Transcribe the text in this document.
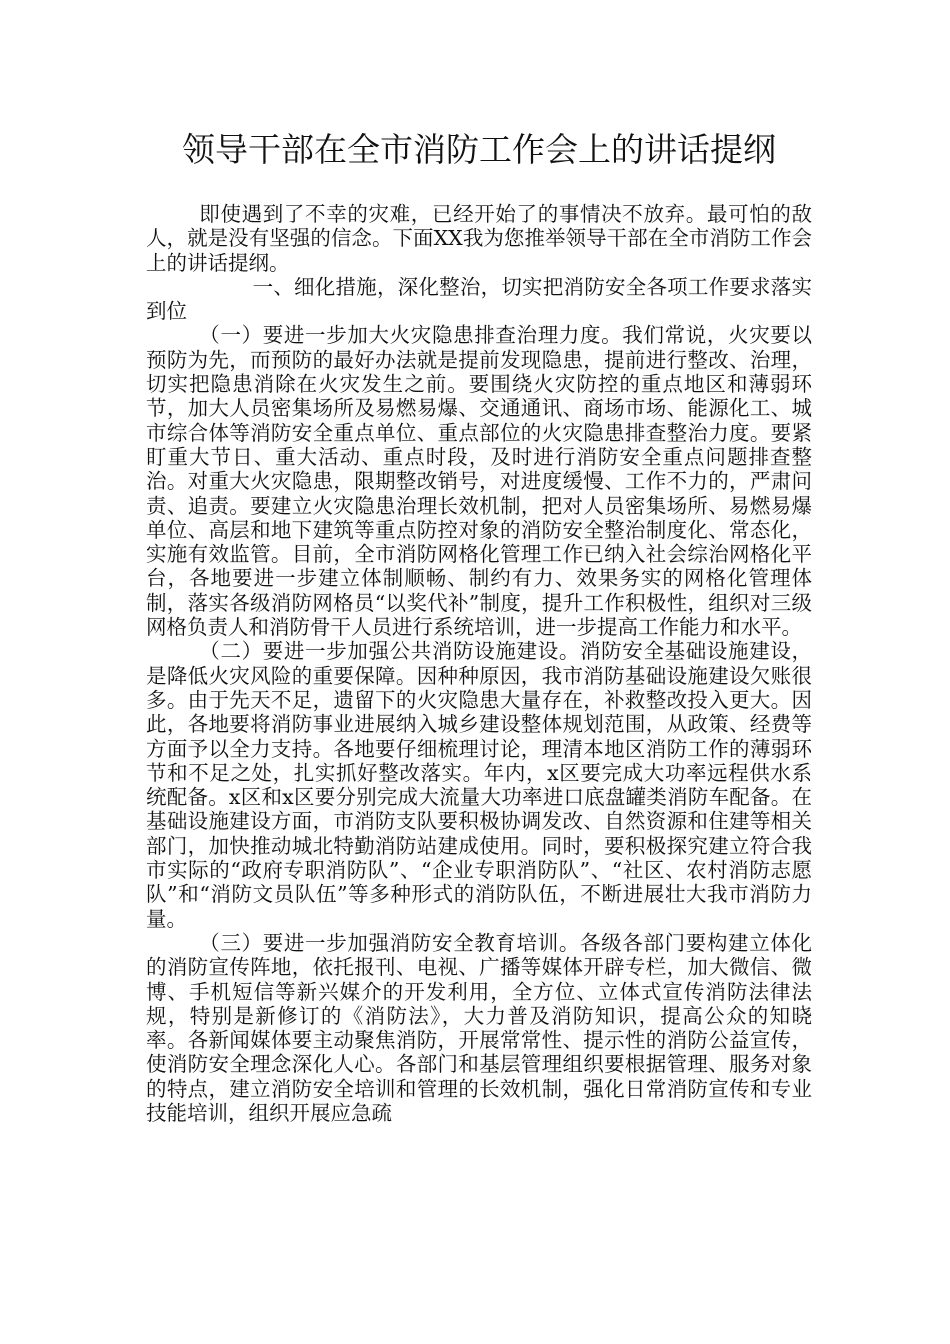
领导干部在全市消防工作会上的讲话提纲

即使遇到了不幸的灾难，已经开始了的事情决不放弃。最可怕的敌人，就是没有坚强的信念。下面XX我为您推举领导干部在全市消防工作会上的讲话提纲。

一、细化措施，深化整治，切实把消防安全各项工作要求落实到位

（一）要进一步加大火灾隐患排查治理力度。我们常说，火灾要以预防为先，而预防的最好办法就是提前发现隐患，提前进行整改、治理，切实把隐患消除在火灾发生之前。要围绕火灾防控的重点地区和薄弱环节，加大人员密集场所及易燃易爆、交通通讯、商场市场、能源化工、城市综合体等消防安全重点单位、重点部位的火灾隐患排查整治力度。要紧盯重大节日、重大活动、重点时段，及时进行消防安全重点问题排查整治。对重大火灾隐患，限期整改销号，对进度缓慢、工作不力的，严肃问责、追责。要建立火灾隐患治理长效机制，把对人员密集场所、易燃易爆单位、高层和地下建筑等重点防控对象的消防安全整治制度化、常态化，实施有效监管。目前，全市消防网格化管理工作已纳入社会综治网格化平台，各地要进一步建立体制顺畅、制约有力、效果务实的网格化管理体制，落实各级消防网格员“以奖代补”制度，提升工作积极性，组织对三级网格负责人和消防骨干人员进行系统培训，进一步提高工作能力和水平。

（二）要进一步加强公共消防设施建设。消防安全基础设施建设，是降低火灾风险的重要保障。因种种原因，我市消防基础设施建设欠账很多。由于先天不足，遗留下的火灾隐患大量存在，补救整改投入更大。因此，各地要将消防事业进展纳入城乡建设整体规划范围，从政策、经费等方面予以全力支持。各地要仔细梳理讨论，理清本地区消防工作的薄弱环节和不足之处，扎实抓好整改落实。年内，x区要完成大功率远程供水系统配备。x区和x区要分别完成大流量大功率进口底盘罐类消防车配备。在基础设施建设方面，市消防支队要积极协调发改、自然资源和住建等相关部门，加快推动城北特勤消防站建成使用。同时，要积极探究建立符合我市实际的“政府专职消防队”、“企业专职消防队”、“社区、农村消防志愿队”和“消防文员队伍”等多种形式的消防队伍，不断进展壮大我市消防力量。

（三）要进一步加强消防安全教育培训。各级各部门要构建立体化的消防宣传阵地，依托报刊、电视、广播等媒体开辟专栏，加大微信、微博、手机短信等新兴媒介的开发利用，全方位、立体式宣传消防法律法规，特别是新修订的《消防法》，大力普及消防知识，提高公众的知晓率。各新闻媒体要主动聚焦消防，开展常常性、提示性的消防公益宣传，使消防安全理念深化人心。各部门和基层管理组织要根据管理、服务对象的特点，建立消防安全培训和管理的长效机制，强化日常消防宣传和专业技能培训，组织开展应急疏
